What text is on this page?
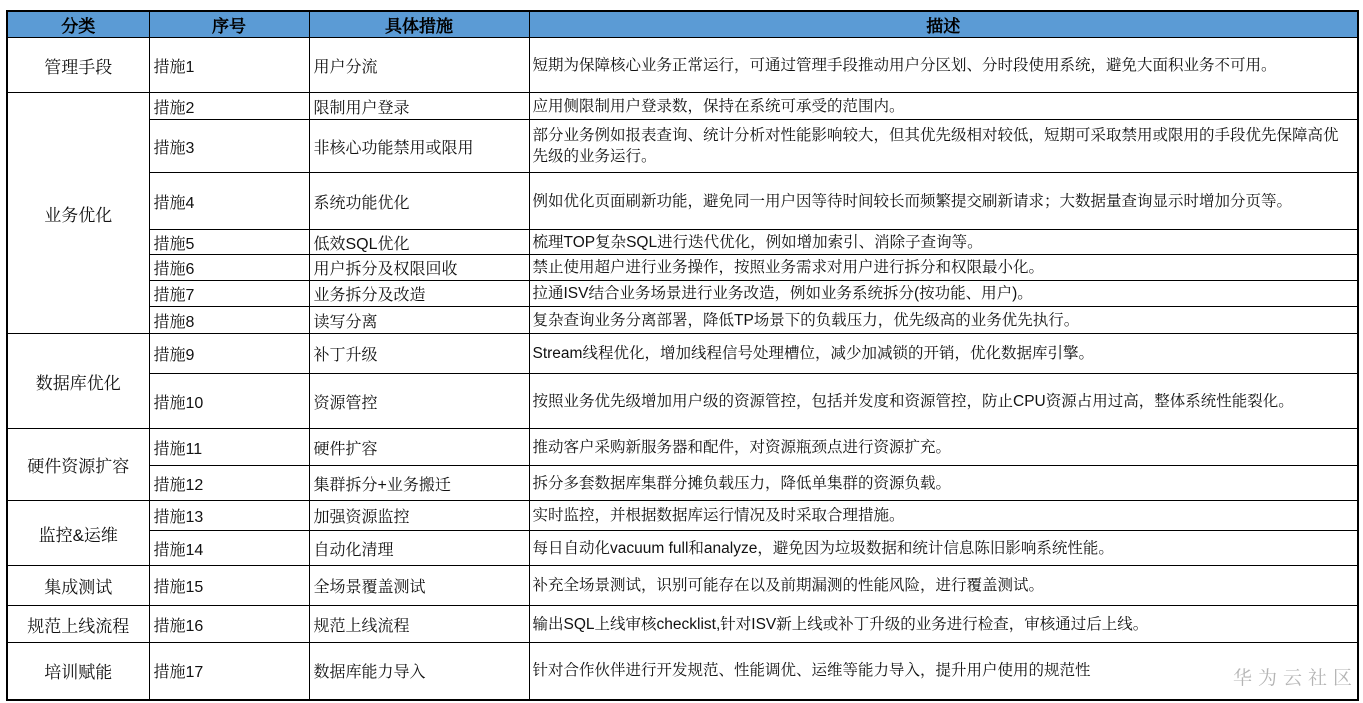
分类	序号	具体措施	描述
管理手段	措施1	用户分流	短期为保障核心业务正常运行，可通过管理手段推动用户分区划、分时段使用系统，避免大面积业务不可用。
业务优化	措施2	限制用户登录	应用侧限制用户登录数，保持在系统可承受的范围内。
	措施3	非核心功能禁用或限用	部分业务例如报表查询、统计分析对性能影响较大，但其优先级相对较低，短期可采取禁用或限用的手段优先保障高优先级的业务运行。
	措施4	系统功能优化	例如优化页面刷新功能，避免同一用户因等待时间较长而频繁提交刷新请求；大数据量查询显示时增加分页等。
	措施5	低效SQL优化	梳理TOP复杂SQL进行迭代优化，例如增加索引、消除子查询等。
	措施6	用户拆分及权限回收	禁止使用超户进行业务操作，按照业务需求对用户进行拆分和权限最小化。
	措施7	业务拆分及改造	拉通ISV结合业务场景进行业务改造，例如业务系统拆分(按功能、用户)。
	措施8	读写分离	复杂查询业务分离部署，降低TP场景下的负载压力，优先级高的业务优先执行。
数据库优化	措施9	补丁升级	Stream线程优化，增加线程信号处理槽位，减少加减锁的开销，优化数据库引擎。
	措施10	资源管控	按照业务优先级增加用户级的资源管控，包括并发度和资源管控，防止CPU资源占用过高，整体系统性能裂化。
硬件资源扩容	措施11	硬件扩容	推动客户采购新服务器和配件，对资源瓶颈点进行资源扩充。
	措施12	集群拆分+业务搬迁	拆分多套数据库集群分摊负载压力，降低单集群的资源负载。
监控&运维	措施13	加强资源监控	实时监控，并根据数据库运行情况及时采取合理措施。
	措施14	自动化清理	每日自动化vacuum full和analyze，避免因为垃圾数据和统计信息陈旧影响系统性能。
集成测试	措施15	全场景覆盖测试	补充全场景测试，识别可能存在以及前期漏测的性能风险，进行覆盖测试。
规范上线流程	措施16	规范上线流程	输出SQL上线审核checklist,针对ISV新上线或补丁升级的业务进行检查，审核通过后上线。
培训赋能	措施17	数据库能力导入	针对合作伙伴进行开发规范、性能调优、运维等能力导入，提升用户使用的规范性	华为云社区
